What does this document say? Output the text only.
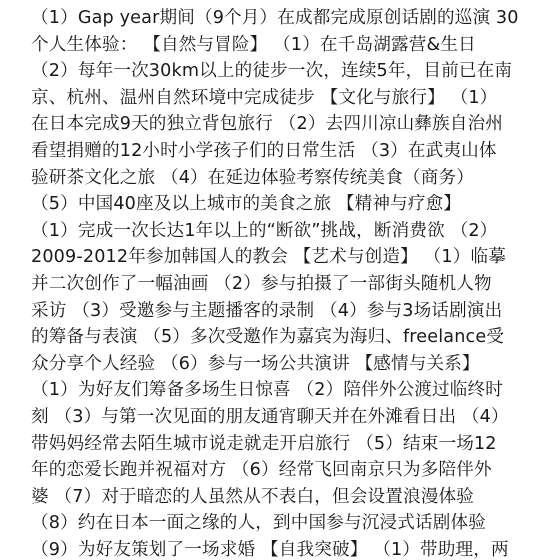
（1）Gap year期间（9个月）在成都完成原创话剧的巡演 30
个人生体验： 【自然与冒险】 （1）在千岛湖露营&生日
（2）每年一次30km以上的徒步一次，连续5年，目前已在南
京、杭州、温州自然环境中完成徒步 【文化与旅行】 （1）
在日本完成9天的独立背包旅行 （2）去四川凉山彝族自治州
看望捐赠的12小时小学孩子们的日常生活 （3）在武夷山体
验研茶文化之旅 （4）在延边体验考察传统美食（商务）
（5）中国40座及以上城市的美食之旅 【精神与疗愈】
（1）完成一次长达1年以上的“断欲”挑战，断消费欲 （2）
2009-2012年参加韩国人的教会 【艺术与创造】 （1）临摹
并二次创作了一幅油画 （2）参与拍摄了一部街头随机人物
采访 （3）受邀参与主题播客的录制 （4）参与3场话剧演出
的筹备与表演 （5）多次受邀作为嘉宾为海归、freelance受
众分享个人经验 （6）参与一场公共演讲 【感情与关系】
（1）为好友们筹备多场生日惊喜 （2）陪伴外公渡过临终时
刻 （3）与第一次见面的朋友通宵聊天并在外滩看日出 （4）
带妈妈经常去陌生城市说走就走开启旅行 （5）结束一场12
年的恋爱长跑并祝福对方 （6）经常飞回南京只为多陪伴外
婆 （7）对于暗恋的人虽然从不表白，但会设置浪漫体验
（8）约在日本一面之缘的人，到中国参与沉浸式话剧体验
（9）为好友策划了一场求婚 【自我突破】 （1）带助理，两
